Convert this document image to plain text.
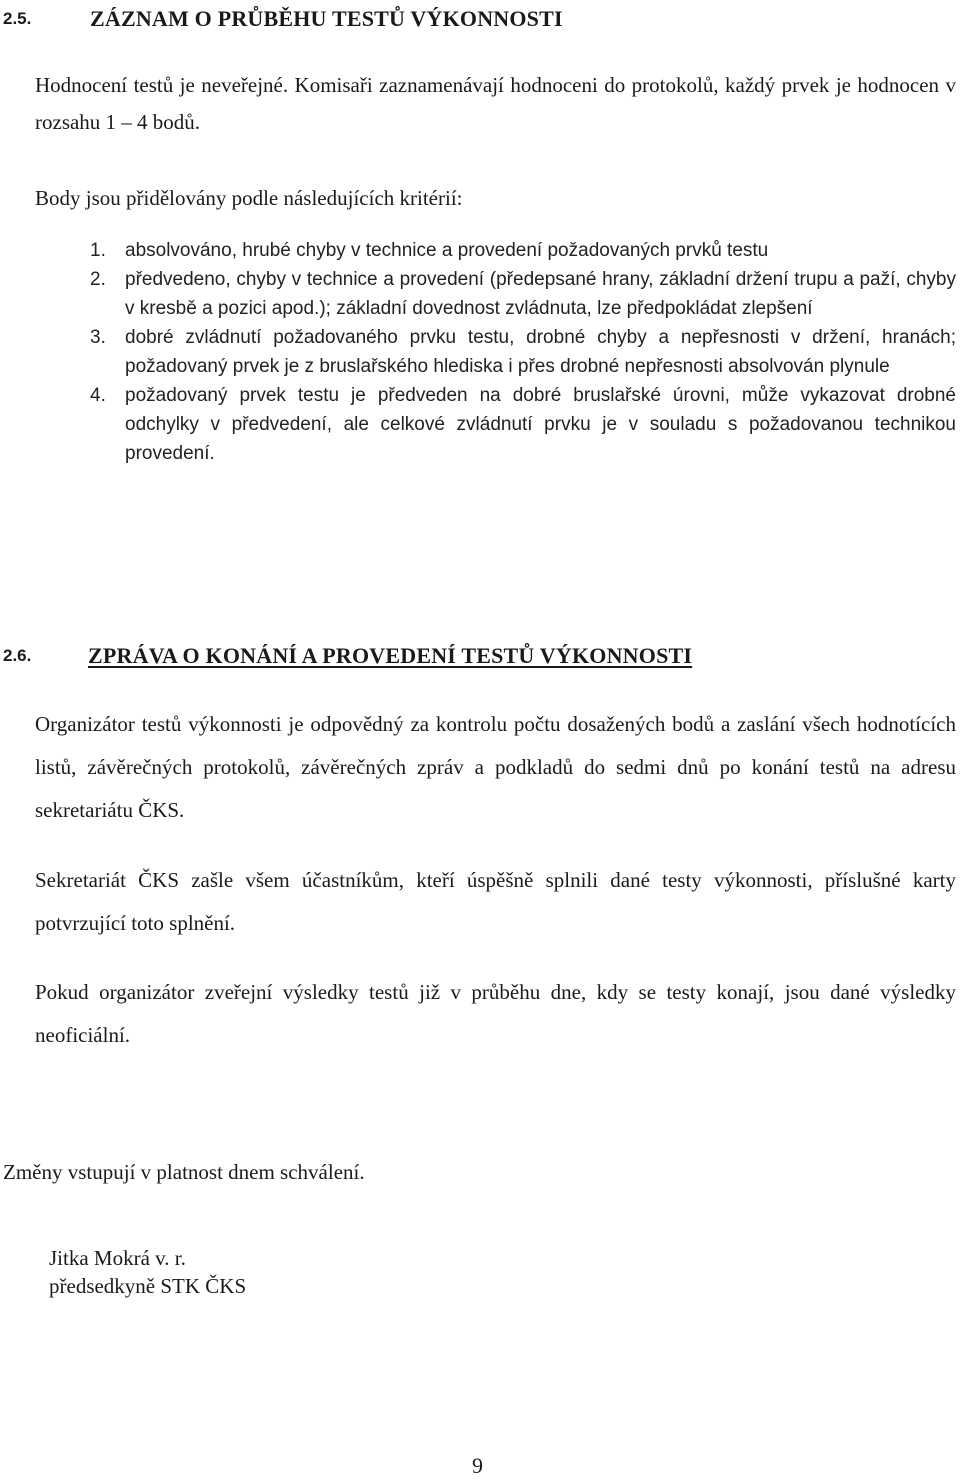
2.5.	ZÁZNAM O PRŮBĚHU TESTŮ VÝKONNOSTI

Hodnocení testů je neveřejné. Komisaři zaznamenávají hodnoceni do protokolů, každý prvek je hodnocen v rozsahu 1 – 4 bodů.

Body jsou přidělovány podle následujících kritérií:

1.	absolvováno, hrubé chyby v technice a provedení požadovaných prvků testu
2.	předvedeno, chyby v technice a provedení (předepsané hrany, základní držení trupu a paží, chyby v kresbě a pozici apod.); základní dovednost zvládnuta, lze předpokládat zlepšení
3.	dobré zvládnutí požadovaného prvku testu, drobné chyby a nepřesnosti v držení, hranách; požadovaný prvek je z bruslařského hlediska i přes drobné nepřesnosti absolvován plynule
4.	požadovaný prvek testu je předveden na dobré bruslařské úrovni, může vykazovat drobné odchylky v předvedení, ale celkové zvládnutí prvku je v souladu s požadovanou technikou provedení.
2.6.	ZPRÁVA O KONÁNÍ A PROVEDENÍ TESTŮ VÝKONNOSTI

Organizátor testů výkonnosti je odpovědný za kontrolu počtu dosažených bodů a zaslání všech hodnotících listů, závěrečných protokolů, závěrečných zpráv a podkladů do sedmi dnů po konání testů na adresu sekretariátu ČKS.

Sekretariát ČKS zašle všem účastníkům, kteří úspěšně splnili dané testy výkonnosti, příslušné karty potvrzující toto splnění.

Pokud organizátor zveřejní výsledky testů již v průběhu dne, kdy se testy konají, jsou dané výsledky neoficiální.

Změny vstupují v platnost dnem schválení.
Jitka Mokrá v. r.
předsedkyně STK ČKS
9
